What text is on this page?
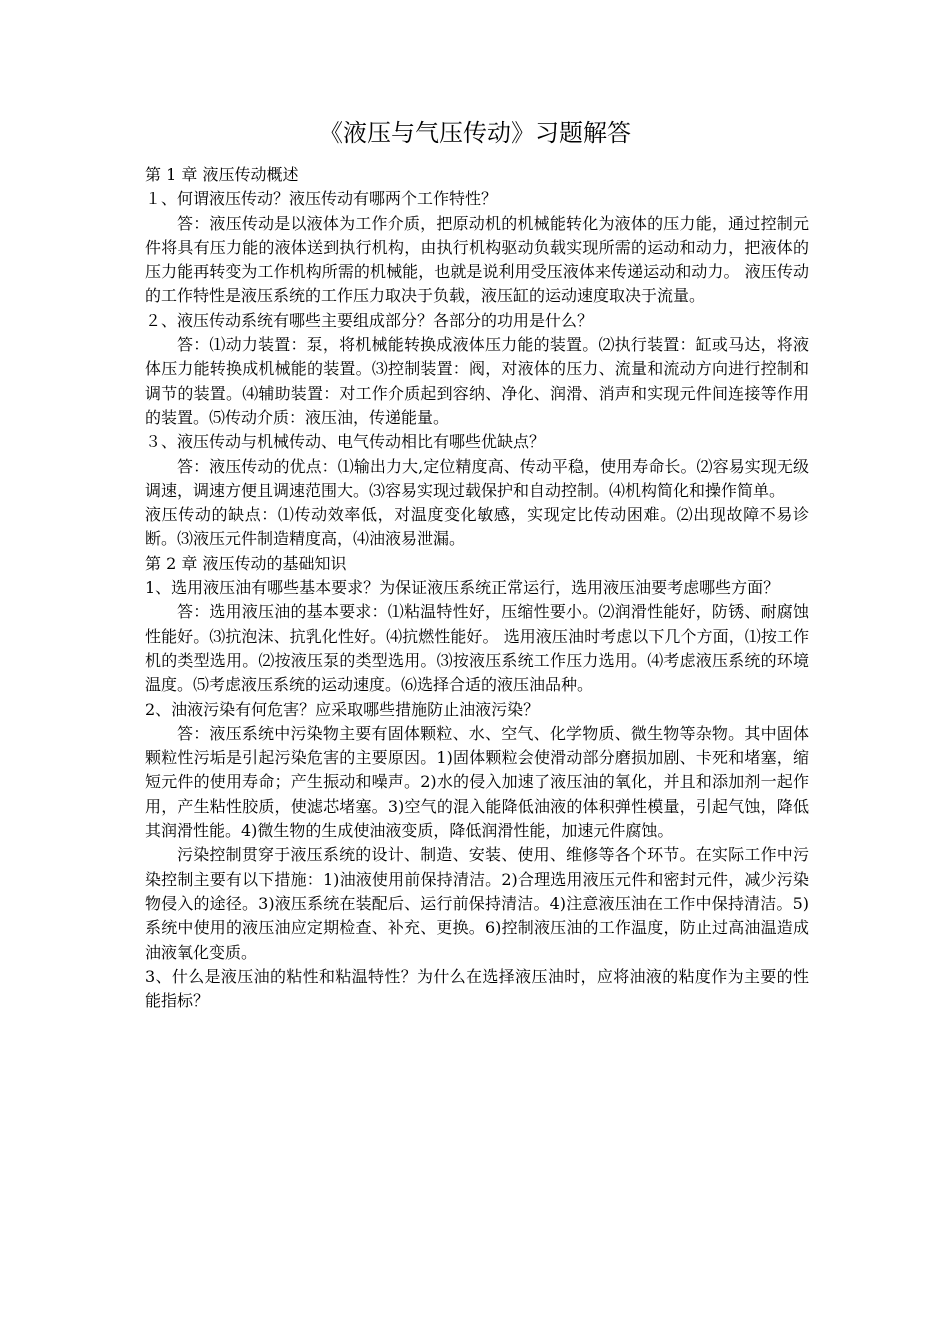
《液压与气压传动》习题解答

第 1 章 液压传动概述

１、何谓液压传动？液压传动有哪两个工作特性？

答：液压传动是以液体为工作介质，把原动机的机械能转化为液体的压力能，通过控制元件将具有压力能的液体送到执行机构，由执行机构驱动负载实现所需的运动和动力，把液体的压力能再转变为工作机构所需的机械能，也就是说利用受压液体来传递运动和动力。 液压传动的工作特性是液压系统的工作压力取决于负载，液压缸的运动速度取决于流量。

２、液压传动系统有哪些主要组成部分？各部分的功用是什么？

答：⑴动力装置：泵，将机械能转换成液体压力能的装置。⑵执行装置：缸或马达，将液体压力能转换成机械能的装置。⑶控制装置：阀，对液体的压力、流量和流动方向进行控制和调节的装置。⑷辅助装置：对工作介质起到容纳、净化、润滑、消声和实现元件间连接等作用的装置。⑸传动介质：液压油，传递能量。

３、液压传动与机械传动、电气传动相比有哪些优缺点？

答：液压传动的优点：⑴输出力大,定位精度高、传动平稳，使用寿命长。⑵容易实现无级调速，调速方便且调速范围大。⑶容易实现过载保护和自动控制。⑷机构简化和操作简单。

液压传动的缺点：⑴传动效率低，对温度变化敏感，实现定比传动困难。⑵出现故障不易诊断。⑶液压元件制造精度高，⑷油液易泄漏。

第 2 章 液压传动的基础知识

1、选用液压油有哪些基本要求？为保证液压系统正常运行，选用液压油要考虑哪些方面？

答：选用液压油的基本要求：⑴粘温特性好，压缩性要小。⑵润滑性能好，防锈、耐腐蚀性能好。⑶抗泡沫、抗乳化性好。⑷抗燃性能好。 选用液压油时考虑以下几个方面，⑴按工作机的类型选用。⑵按液压泵的类型选用。⑶按液压系统工作压力选用。⑷考虑液压系统的环境温度。⑸考虑液压系统的运动速度。⑹选择合适的液压油品种。

2、油液污染有何危害？应采取哪些措施防止油液污染？

答：液压系统中污染物主要有固体颗粒、水、空气、化学物质、微生物等杂物。其中固体颗粒性污垢是引起污染危害的主要原因。1)固体颗粒会使滑动部分磨损加剧、卡死和堵塞，缩短元件的使用寿命；产生振动和噪声。2)水的侵入加速了液压油的氧化，并且和添加剂一起作用，产生粘性胶质，使滤芯堵塞。3)空气的混入能降低油液的体积弹性模量，引起气蚀，降低其润滑性能。4)微生物的生成使油液变质，降低润滑性能，加速元件腐蚀。

污染控制贯穿于液压系统的设计、制造、安装、使用、维修等各个环节。在实际工作中污染控制主要有以下措施：1)油液使用前保持清洁。2)合理选用液压元件和密封元件，减少污染物侵入的途径。3)液压系统在装配后、运行前保持清洁。4)注意液压油在工作中保持清洁。5)系统中使用的液压油应定期检查、补充、更换。6)控制液压油的工作温度，防止过高油温造成油液氧化变质。

3、什么是液压油的粘性和粘温特性？为什么在选择液压油时，应将油液的粘度作为主要的性能指标？
